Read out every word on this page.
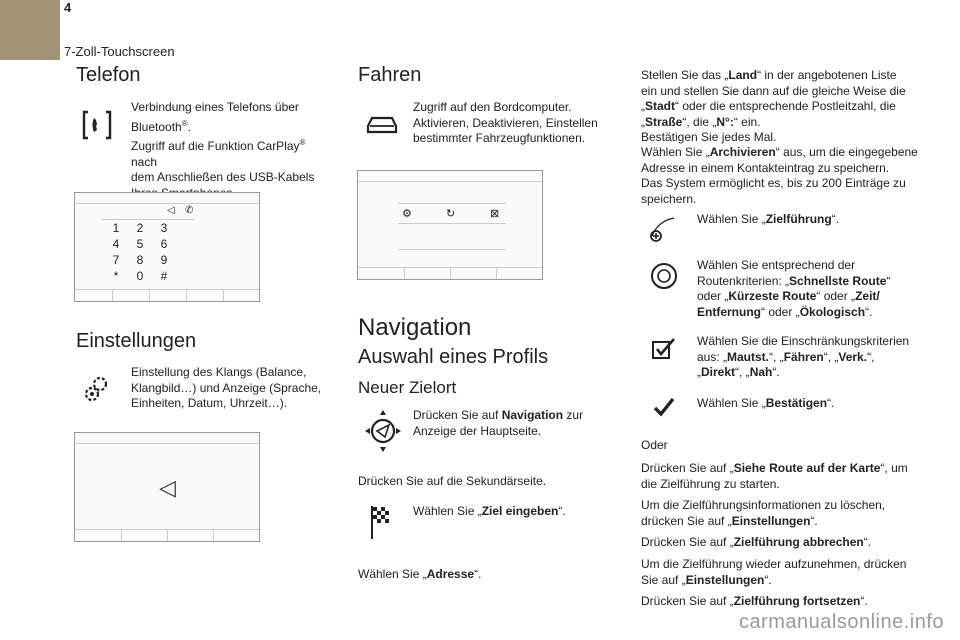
4
7-Zoll-Touchscreen
Telefon
Verbindung eines Telefons über
Bluetooth®.
Zugriff auf die Funktion CarPlay® nach
dem Anschließen des USB-Kabels
◁ ✆
1	2	3
4	5	6
7	8	9
*	0	#
Einstellungen
Einstellung des Klangs (Balance,
Klangbild…) und Anzeige (Sprache,
Einheiten, Datum, Uhrzeit…).
◁
Fahren
Zugriff auf den Bordcomputer.
Aktivieren, Deaktivieren, Einstellen
bestimmter Fahrzeugfunktionen.
⚙	↻	⊠
Navigation
Auswahl eines Profils
Neuer Zielort
Drücken Sie auf Navigation zur
Anzeige der Hauptseite.
Drücken Sie auf die Sekundärseite.
Wählen Sie „Ziel eingeben“.
Wählen Sie „Adresse“.
Stellen Sie das „Land“ in der angebotenen Liste
ein und stellen Sie dann auf die gleiche Weise die
„Stadt“ oder die entsprechende Postleitzahl, die
„Straße“, die „N°:“ ein.
Bestätigen Sie jedes Mal.
Wählen Sie „Archivieren“ aus, um die eingegebene
Adresse in einem Kontakteintrag zu speichern.
Das System ermöglicht es, bis zu 200 Einträge zu
speichern.
Wählen Sie „Zielführung“.
Wählen Sie entsprechend der
Routenkriterien: „Schnellste Route“
oder „Kürzeste Route“ oder „Zeit/
Entfernung“ oder „Ökologisch“.
Wählen Sie die Einschränkungskriterien
aus: „Mautst.“, „Fähren“, „Verk.“,
„Direkt“, „Nah“.
Wählen Sie „Bestätigen“.
Oder
Drücken Sie auf „Siehe Route auf der Karte“, um
die Zielführung zu starten.
Um die Zielführungsinformationen zu löschen,
drücken Sie auf „Einstellungen“.
Drücken Sie auf „Zielführung abbrechen“.
Um die Zielführung wieder aufzunehmen, drücken
Sie auf „Einstellungen“.
Drücken Sie auf „Zielführung fortsetzen“.
carmanualsonline.info
